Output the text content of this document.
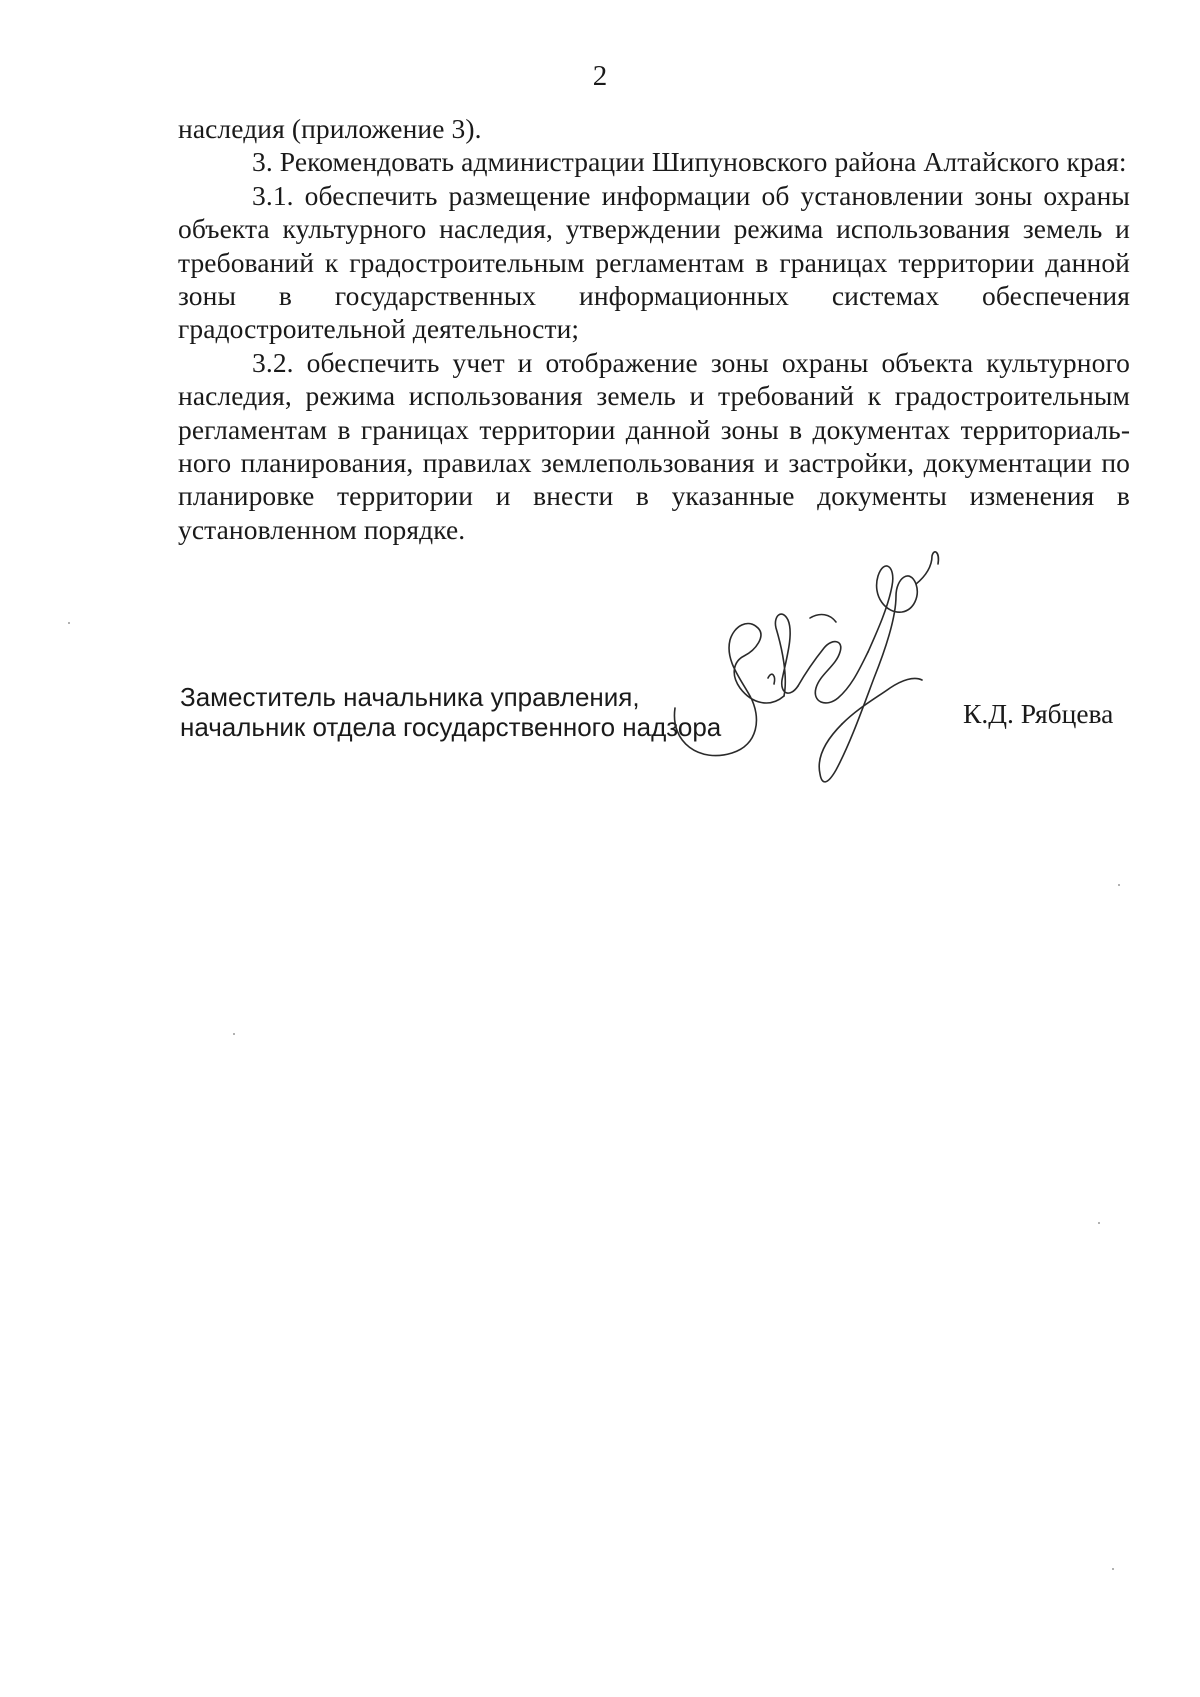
2

наследия (приложение 3).

3. Рекомендовать администрации Шипуновского района Алтайского края:

3.1. обеспечить размещение информации об установлении зоны охраны объекта культурного наследия, утверждении режима использования земель и требований к градостроительным регламентам в границах территории данной зоны в государственных информационных системах обеспечения градостроительной деятельности;

3.2. обеспечить учет и отображение зоны охраны объекта культурного наследия, режима использования земель и требований к градостроительным регламентам в границах территории данной зоны в документах территориального планирования, правилах землепользования и застройки, документации по планировке территории и внести в указанные документы изменения в установленном порядке.

Заместитель начальника управления,
начальник отдела государственного надзора	К.Д. Рябцева
